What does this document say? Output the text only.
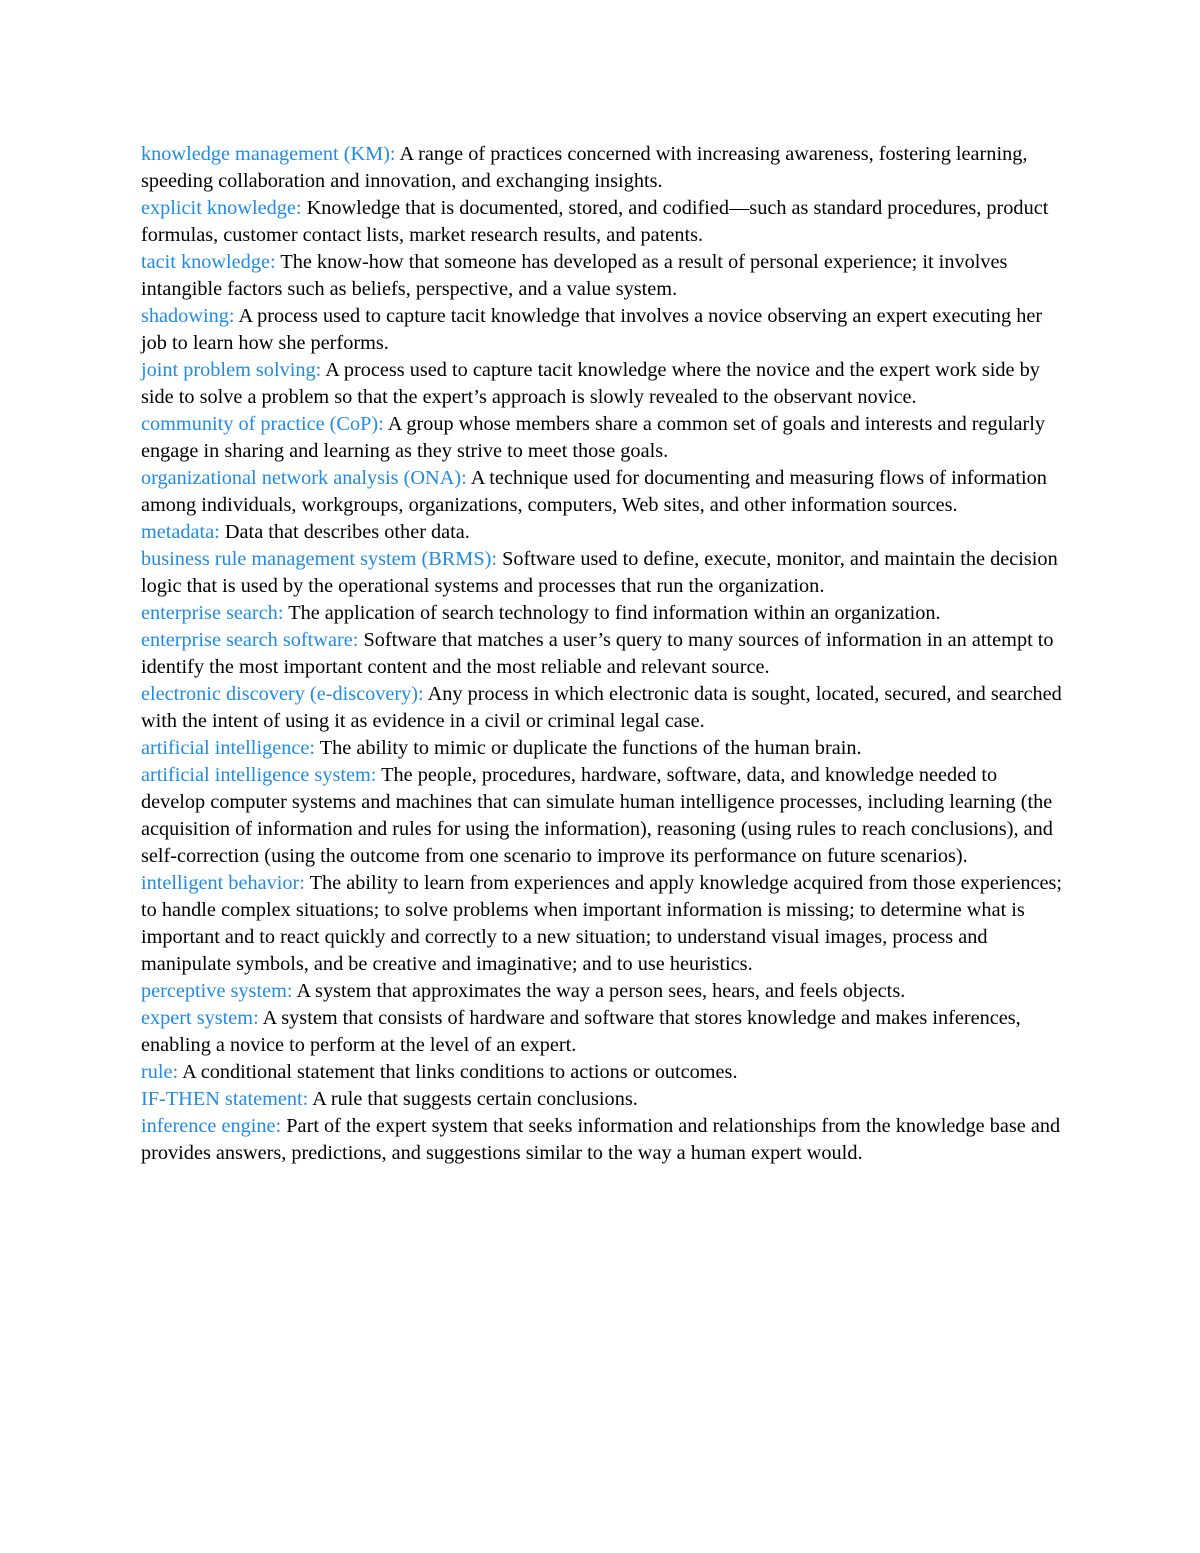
knowledge management (KM): A range of practices concerned with increasing awareness, fostering learning, speeding collaboration and innovation, and exchanging insights.

explicit knowledge: Knowledge that is documented, stored, and codified—such as standard procedures, product formulas, customer contact lists, market research results, and patents.

tacit knowledge: The know-how that someone has developed as a result of personal experience; it involves intangible factors such as beliefs, perspective, and a value system.

shadowing: A process used to capture tacit knowledge that involves a novice observing an expert executing her job to learn how she performs.

joint problem solving: A process used to capture tacit knowledge where the novice and the expert work side by side to solve a problem so that the expert’s approach is slowly revealed to the observant novice.

community of practice (CoP): A group whose members share a common set of goals and interests and regularly engage in sharing and learning as they strive to meet those goals.

organizational network analysis (ONA): A technique used for documenting and measuring flows of information among individuals, workgroups, organizations, computers, Web sites, and other information sources.

metadata: Data that describes other data.

business rule management system (BRMS): Software used to define, execute, monitor, and maintain the decision logic that is used by the operational systems and processes that run the organization.

enterprise search: The application of search technology to find information within an organization.

enterprise search software: Software that matches a user’s query to many sources of information in an attempt to identify the most important content and the most reliable and relevant source.

electronic discovery (e-discovery): Any process in which electronic data is sought, located, secured, and searched with the intent of using it as evidence in a civil or criminal legal case.

artificial intelligence: The ability to mimic or duplicate the functions of the human brain.

artificial intelligence system: The people, procedures, hardware, software, data, and knowledge needed to develop computer systems and machines that can simulate human intelligence processes, including learning (the acquisition of information and rules for using the information), reasoning (using rules to reach conclusions), and self-correction (using the outcome from one scenario to improve its performance on future scenarios).

intelligent behavior: The ability to learn from experiences and apply knowledge acquired from those experiences; to handle complex situations; to solve problems when important information is missing; to determine what is important and to react quickly and correctly to a new situation; to understand visual images, process and manipulate symbols, and be creative and imaginative; and to use heuristics.

perceptive system: A system that approximates the way a person sees, hears, and feels objects.

expert system: A system that consists of hardware and software that stores knowledge and makes inferences, enabling a novice to perform at the level of an expert.

rule: A conditional statement that links conditions to actions or outcomes.

IF-THEN statement: A rule that suggests certain conclusions.

inference engine: Part of the expert system that seeks information and relationships from the knowledge base and provides answers, predictions, and suggestions similar to the way a human expert would.
